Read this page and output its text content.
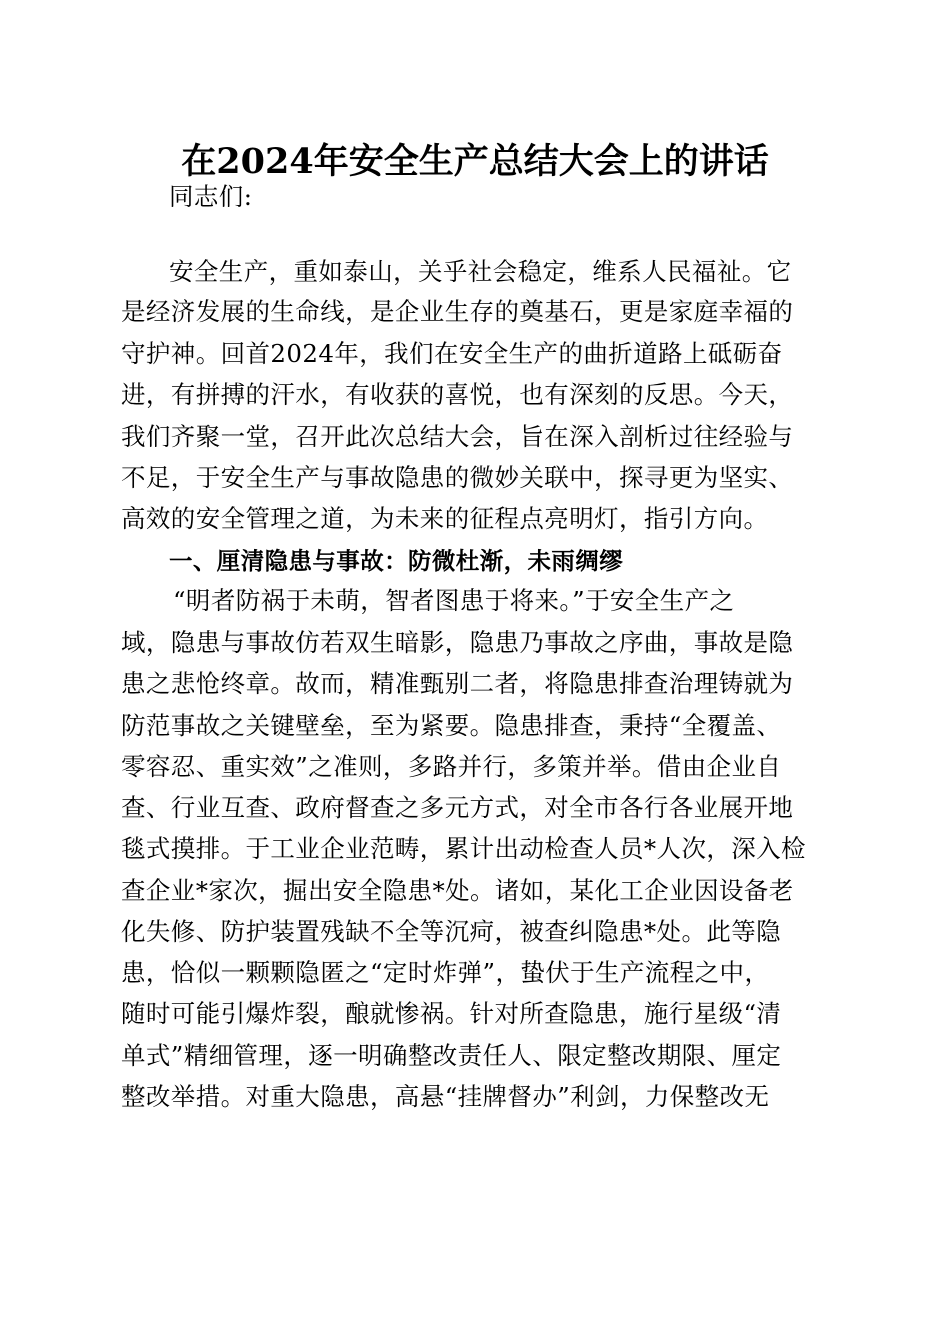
在2024年安全生产总结大会上的讲话
同志们:
安全生产，重如泰山，关乎社会稳定，维系人民福祉。它
是经济发展的生命线，是企业生存的奠基石，更是家庭幸福的
守护神。回首2024年，我们在安全生产的曲折道路上砥砺奋
进，有拼搏的汗水，有收获的喜悦，也有深刻的反思。今天，
我们齐聚一堂，召开此次总结大会，旨在深入剖析过往经验与
不足，于安全生产与事故隐患的微妙关联中，探寻更为坚实、
高效的安全管理之道，为未来的征程点亮明灯，指引方向。
一、厘清隐患与事故：防微杜渐，未雨绸缪
“明者防祸于未萌，智者图患于将来。”于安全生产之
域，隐患与事故仿若双生暗影，隐患乃事故之序曲，事故是隐
患之悲怆终章。故而，精准甄别二者，将隐患排查治理铸就为
防范事故之关键壁垒，至为紧要。隐患排查，秉持“全覆盖、
零容忍、重实效”之准则，多路并行，多策并举。借由企业自
查、行业互查、政府督查之多元方式，对全市各行各业展开地
毯式摸排。于工业企业范畴，累计出动检查人员*人次，深入检
查企业*家次，掘出安全隐患*处。诸如，某化工企业因设备老
化失修、防护装置残缺不全等沉疴，被查纠隐患*处。此等隐
患，恰似一颗颗隐匿之“定时炸弹”，蛰伏于生产流程之中，
随时可能引爆炸裂，酿就惨祸。针对所查隐患，施行星级“清
单式”精细管理，逐一明确整改责任人、限定整改期限、厘定
整改举措。对重大隐患，高悬“挂牌督办”利剑，力保整改无
